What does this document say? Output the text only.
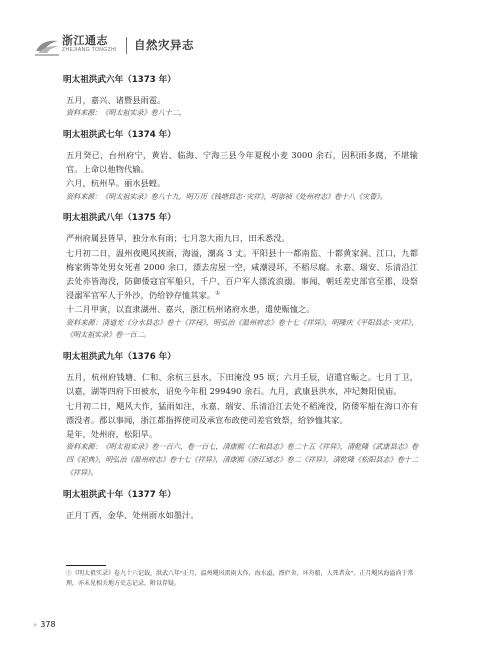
浙江通志
ZHEJIANG TONGZHI 自然灾异志
明太祖洪武六年（1373 年）

五月，嘉兴、诸暨县雨雹。

资料来源：《明太祖实录》卷八十二。

明太祖洪武七年（1374 年）

五月癸已，台州府宁，黄岩、临海、宁海三县今年夏税小麦 3000 余石，因积雨多腐，不堪输官。上命以他物代输。

六月，杭州旱。丽水县蝗。

资料来源：《明太祖实录》卷八十九，明万历《钱塘县志·灾祥》，明崇祯《处州府志》卷十八《灾眚》。

明太祖洪武八年（1375 年）

严州府属县皆旱，独分水有雨；七月忽大雨九日，田禾悉没。

七月初二日，温州夜飓风挟雨，海溢，潮高 3 丈。平阳县十一都南监、十都黄家洞、江口，九都梅家衖等处男女死者 2000 余口，漂去房屋一空，咸潮浸坏，不稻尽腐。永嘉、瑞安、乐清沿江去处亦皆海没，防御倭寇官军船只，千户、百户军人漂流浪溺。事闻，朝廷差史部官至郡，设祭浸溺军官军人于外沙，仍给钞存恤其家。①

十二月甲寅，以直隶湖州、嘉兴，浙江杭州诸府水患，遣使赈恤之。

资料来源：清道光《分水县志》卷十《祥祲》，明弘治《温州府志》卷十七《祥异》，明隆庆《平阳县志·灾祥》，《明太祖实录》卷一百二。

明太祖洪武九年（1376 年）

五月，杭州府钱塘、仁和、余杭三县水，下田淹没 95 顷；六月壬辰，诏遣官赈之。七月丁卫，以嘉，湖等四府下田被水，诏免今年租 299490 余石。九月，武康县洪水，冲圮舞阳侯庙。

七月初二日，飓风大作，猛雨如注，永嘉、瑞安、乐清沿江去处不稻淹没，防倭军船在海口亦有漂没者。郡以事闻，浙江都指挥使司及承宣布政使司差官致祭，给钞恤其家。

是年，处州府，松阳旱。

资料来源：《明太祖实录》卷一百六、卷一百七，清康熙《仁和县志》卷二十五《祥异》，清乾隆《武康县志》卷四《祀典》，明弘治《温州府志》卷十七《祥异》，清康熙《浙江通志》卷二《祥异》，清乾隆《松阳县志》卷十二《祥异》。

明太祖洪武十年（1377 年）

正月丁西，金华、处州雨水如墨汁。

①《明太祖实录》卷九十六记载，洪武八年“正月，温州飓风雷雨大作，海水溢，漂庐舍，坏舟船，人死者众”。正月飓风海溢尚于常理，亦未见相关地方史志记录，附以存疑。
» 378
